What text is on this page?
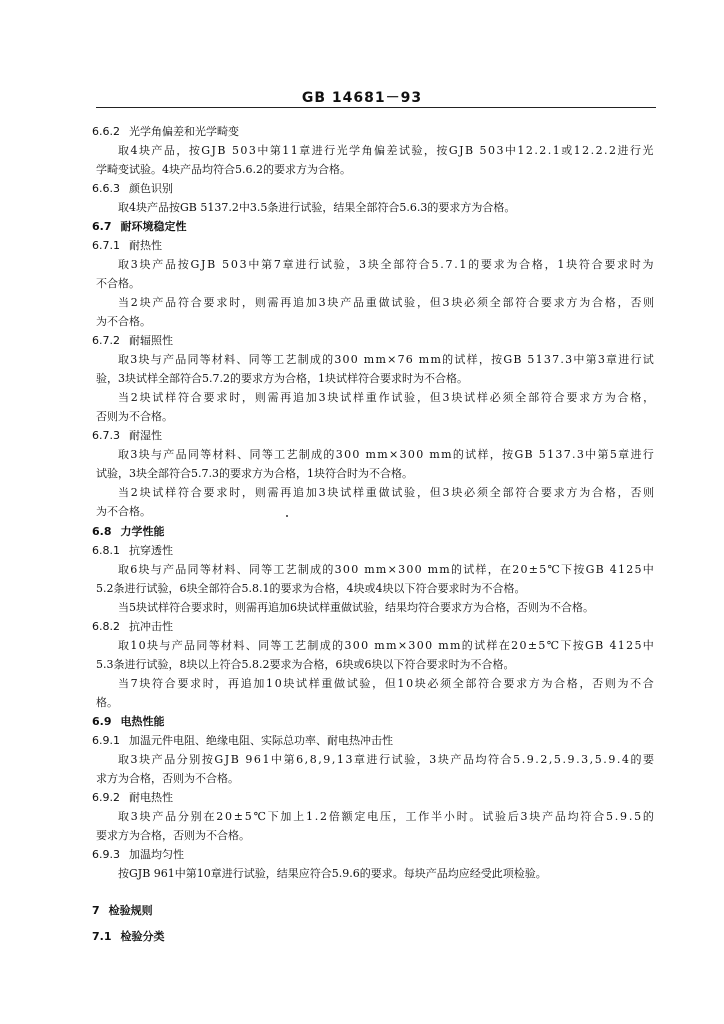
GB 14681－93
6.6.2 光学角偏差和光学畸变
取4块产品，按GJB 503中第11章进行光学角偏差试验，按GJB 503中12.2.1或12.2.2进行光
学畸变试验。4块产品均符合5.6.2的要求方为合格。
6.6.3 颜色识别
取4块产品按GB 5137.2中3.5条进行试验，结果全部符合5.6.3的要求方为合格。
6.7 耐环境稳定性
6.7.1 耐热性
取3块产品按GJB 503中第7章进行试验，3块全部符合5.7.1的要求为合格，1块符合要求时为
不合格。
当2块产品符合要求时，则需再追加3块产品重做试验，但3块必须全部符合要求方为合格，否则
为不合格。
6.7.2 耐辐照性
取3块与产品同等材料、同等工艺制成的300 mm×76 mm的试样，按GB 5137.3中第3章进行试
验，3块试样全部符合5.7.2的要求方为合格，1块试样符合要求时为不合格。
当2块试样符合要求时，则需再追加3块试样重作试验，但3块试样必须全部符合要求方为合格，
否则为不合格。
6.7.3 耐湿性
取3块与产品同等材料、同等工艺制成的300 mm×300 mm的试样，按GB 5137.3中第5章进行
试验，3块全部符合5.7.3的要求方为合格，1块符合时为不合格。
当2块试样符合要求时，则需再追加3块试样重做试验，但3块必须全部符合要求方为合格，否则
为不合格。
6.8 力学性能
6.8.1 抗穿透性
取6块与产品同等材料、同等工艺制成的300 mm×300 mm的试样，在20±5℃下按GB 4125中
5.2条进行试验，6块全部符合5.8.1的要求为合格，4块或4块以下符合要求时为不合格。
当5块试样符合要求时，则需再追加6块试样重做试验，结果均符合要求方为合格，否则为不合格。
6.8.2 抗冲击性
取10块与产品同等材料、同等工艺制成的300 mm×300 mm的试样在20±5℃下按GB 4125中
5.3条进行试验，8块以上符合5.8.2要求为合格，6块或6块以下符合要求时为不合格。
当7块符合要求时，再追加10块试样重做试验，但10块必须全部符合要求方为合格，否则为不合
格。
6.9 电热性能
6.9.1 加温元件电阻、绝缘电阻、实际总功率、耐电热冲击性
取3块产品分别按GJB 961中第6,8,9,13章进行试验，3块产品均符合5.9.2,5.9.3,5.9.4的要
求方为合格，否则为不合格。
6.9.2 耐电热性
取3块产品分别在20±5℃下加上1.2倍额定电压，工作半小时。试验后3块产品均符合5.9.5的
要求方为合格，否则为不合格。
6.9.3 加温均匀性
按GJB 961中第10章进行试验，结果应符合5.9.6的要求。每块产品均应经受此项检验。
7 检验规则
7.1 检验分类
